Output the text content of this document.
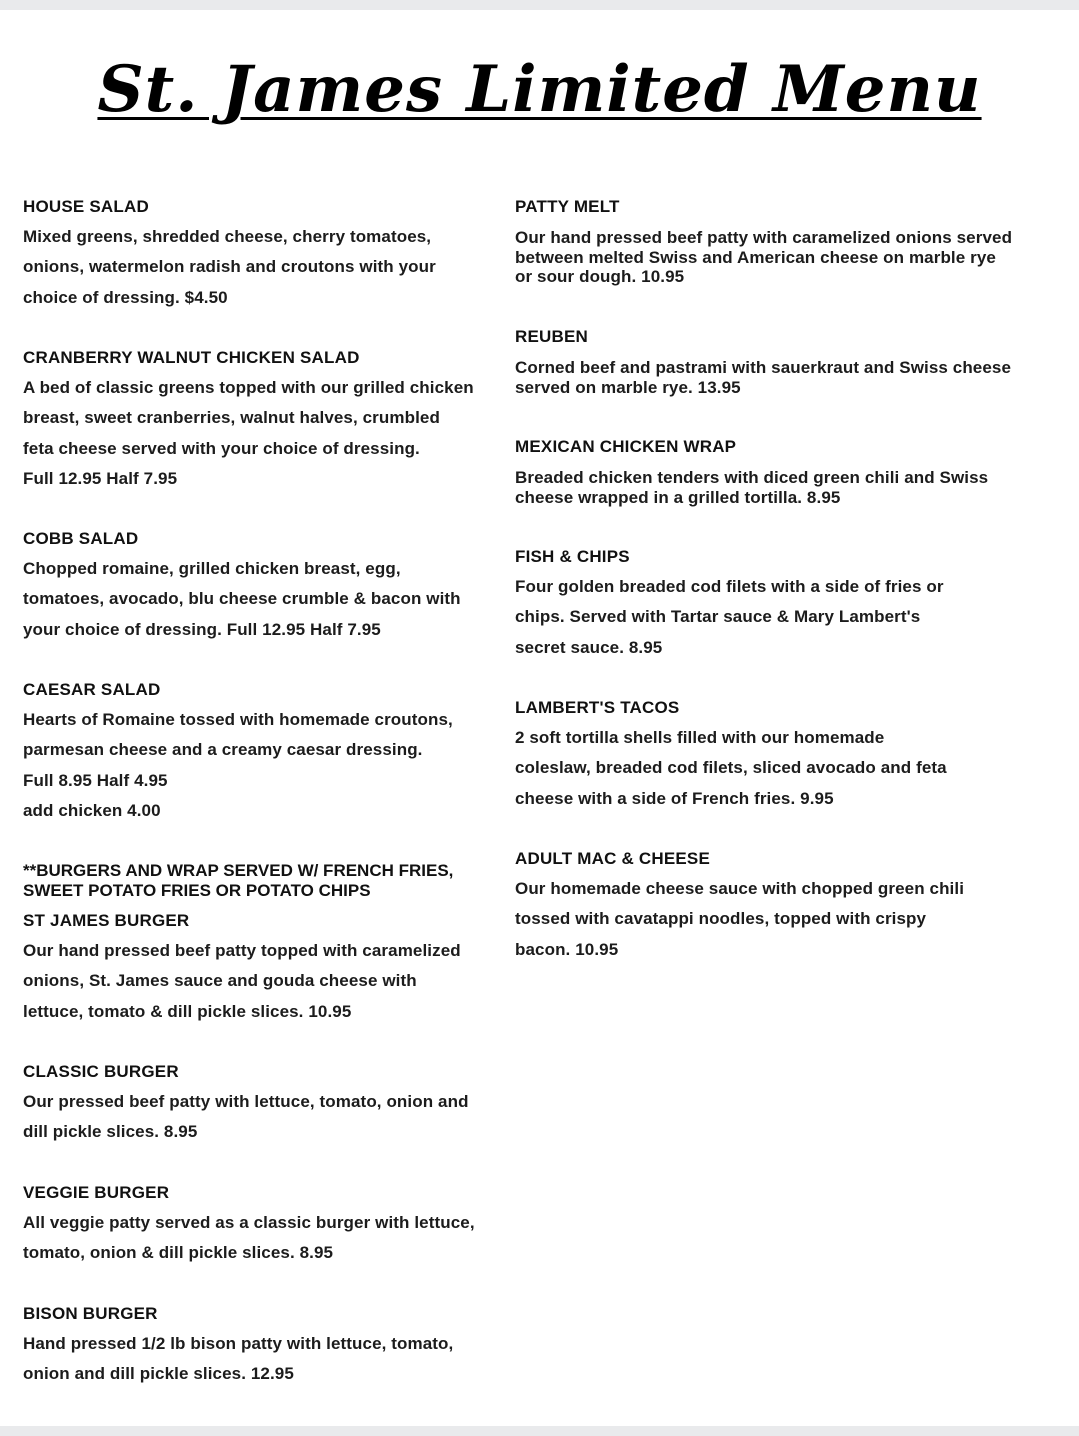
St. James Limited Menu
HOUSE SALAD
Mixed greens, shredded cheese, cherry tomatoes,
onions, watermelon radish and croutons with your
choice of dressing. $4.50
CRANBERRY WALNUT CHICKEN SALAD
A bed of classic greens topped with our grilled chicken
breast, sweet cranberries, walnut halves, crumbled
feta cheese served with your choice of dressing.
Full 12.95 Half 7.95
COBB SALAD
Chopped romaine, grilled chicken breast, egg,
tomatoes, avocado, blu cheese crumble & bacon with
your choice of dressing. Full 12.95 Half 7.95
CAESAR SALAD
Hearts of Romaine tossed with homemade croutons,
parmesan cheese and a creamy caesar dressing.
Full 8.95 Half 4.95
add chicken 4.00
**BURGERS AND WRAP SERVED W/ FRENCH FRIES,
SWEET POTATO FRIES OR POTATO CHIPS
ST JAMES BURGER
Our hand pressed beef patty topped with caramelized
onions, St. James sauce and gouda cheese with
lettuce, tomato & dill pickle slices. 10.95
CLASSIC BURGER
Our pressed beef patty with lettuce, tomato, onion and
dill pickle slices. 8.95
VEGGIE BURGER
All veggie patty served as a classic burger with lettuce,
tomato, onion & dill pickle slices. 8.95
BISON BURGER
Hand pressed 1/2 lb bison patty with lettuce, tomato,
onion and dill pickle slices. 12.95
PATTY MELT
Our hand pressed beef patty with caramelized onions served
between melted Swiss and American cheese on marble rye
or sour dough. 10.95
REUBEN
Corned beef and pastrami with sauerkraut and Swiss cheese
served on marble rye. 13.95
MEXICAN CHICKEN WRAP
Breaded chicken tenders with diced green chili and Swiss
cheese wrapped in a grilled tortilla. 8.95
FISH & CHIPS
Four golden breaded cod filets with a side of fries or
chips. Served with Tartar sauce & Mary Lambert's
secret sauce. 8.95
LAMBERT'S TACOS
2 soft tortilla shells filled with our homemade
coleslaw, breaded cod filets, sliced avocado and feta
cheese with a side of French fries. 9.95
ADULT MAC & CHEESE
Our homemade cheese sauce with chopped green chili
tossed with cavatappi noodles, topped with crispy
bacon. 10.95
